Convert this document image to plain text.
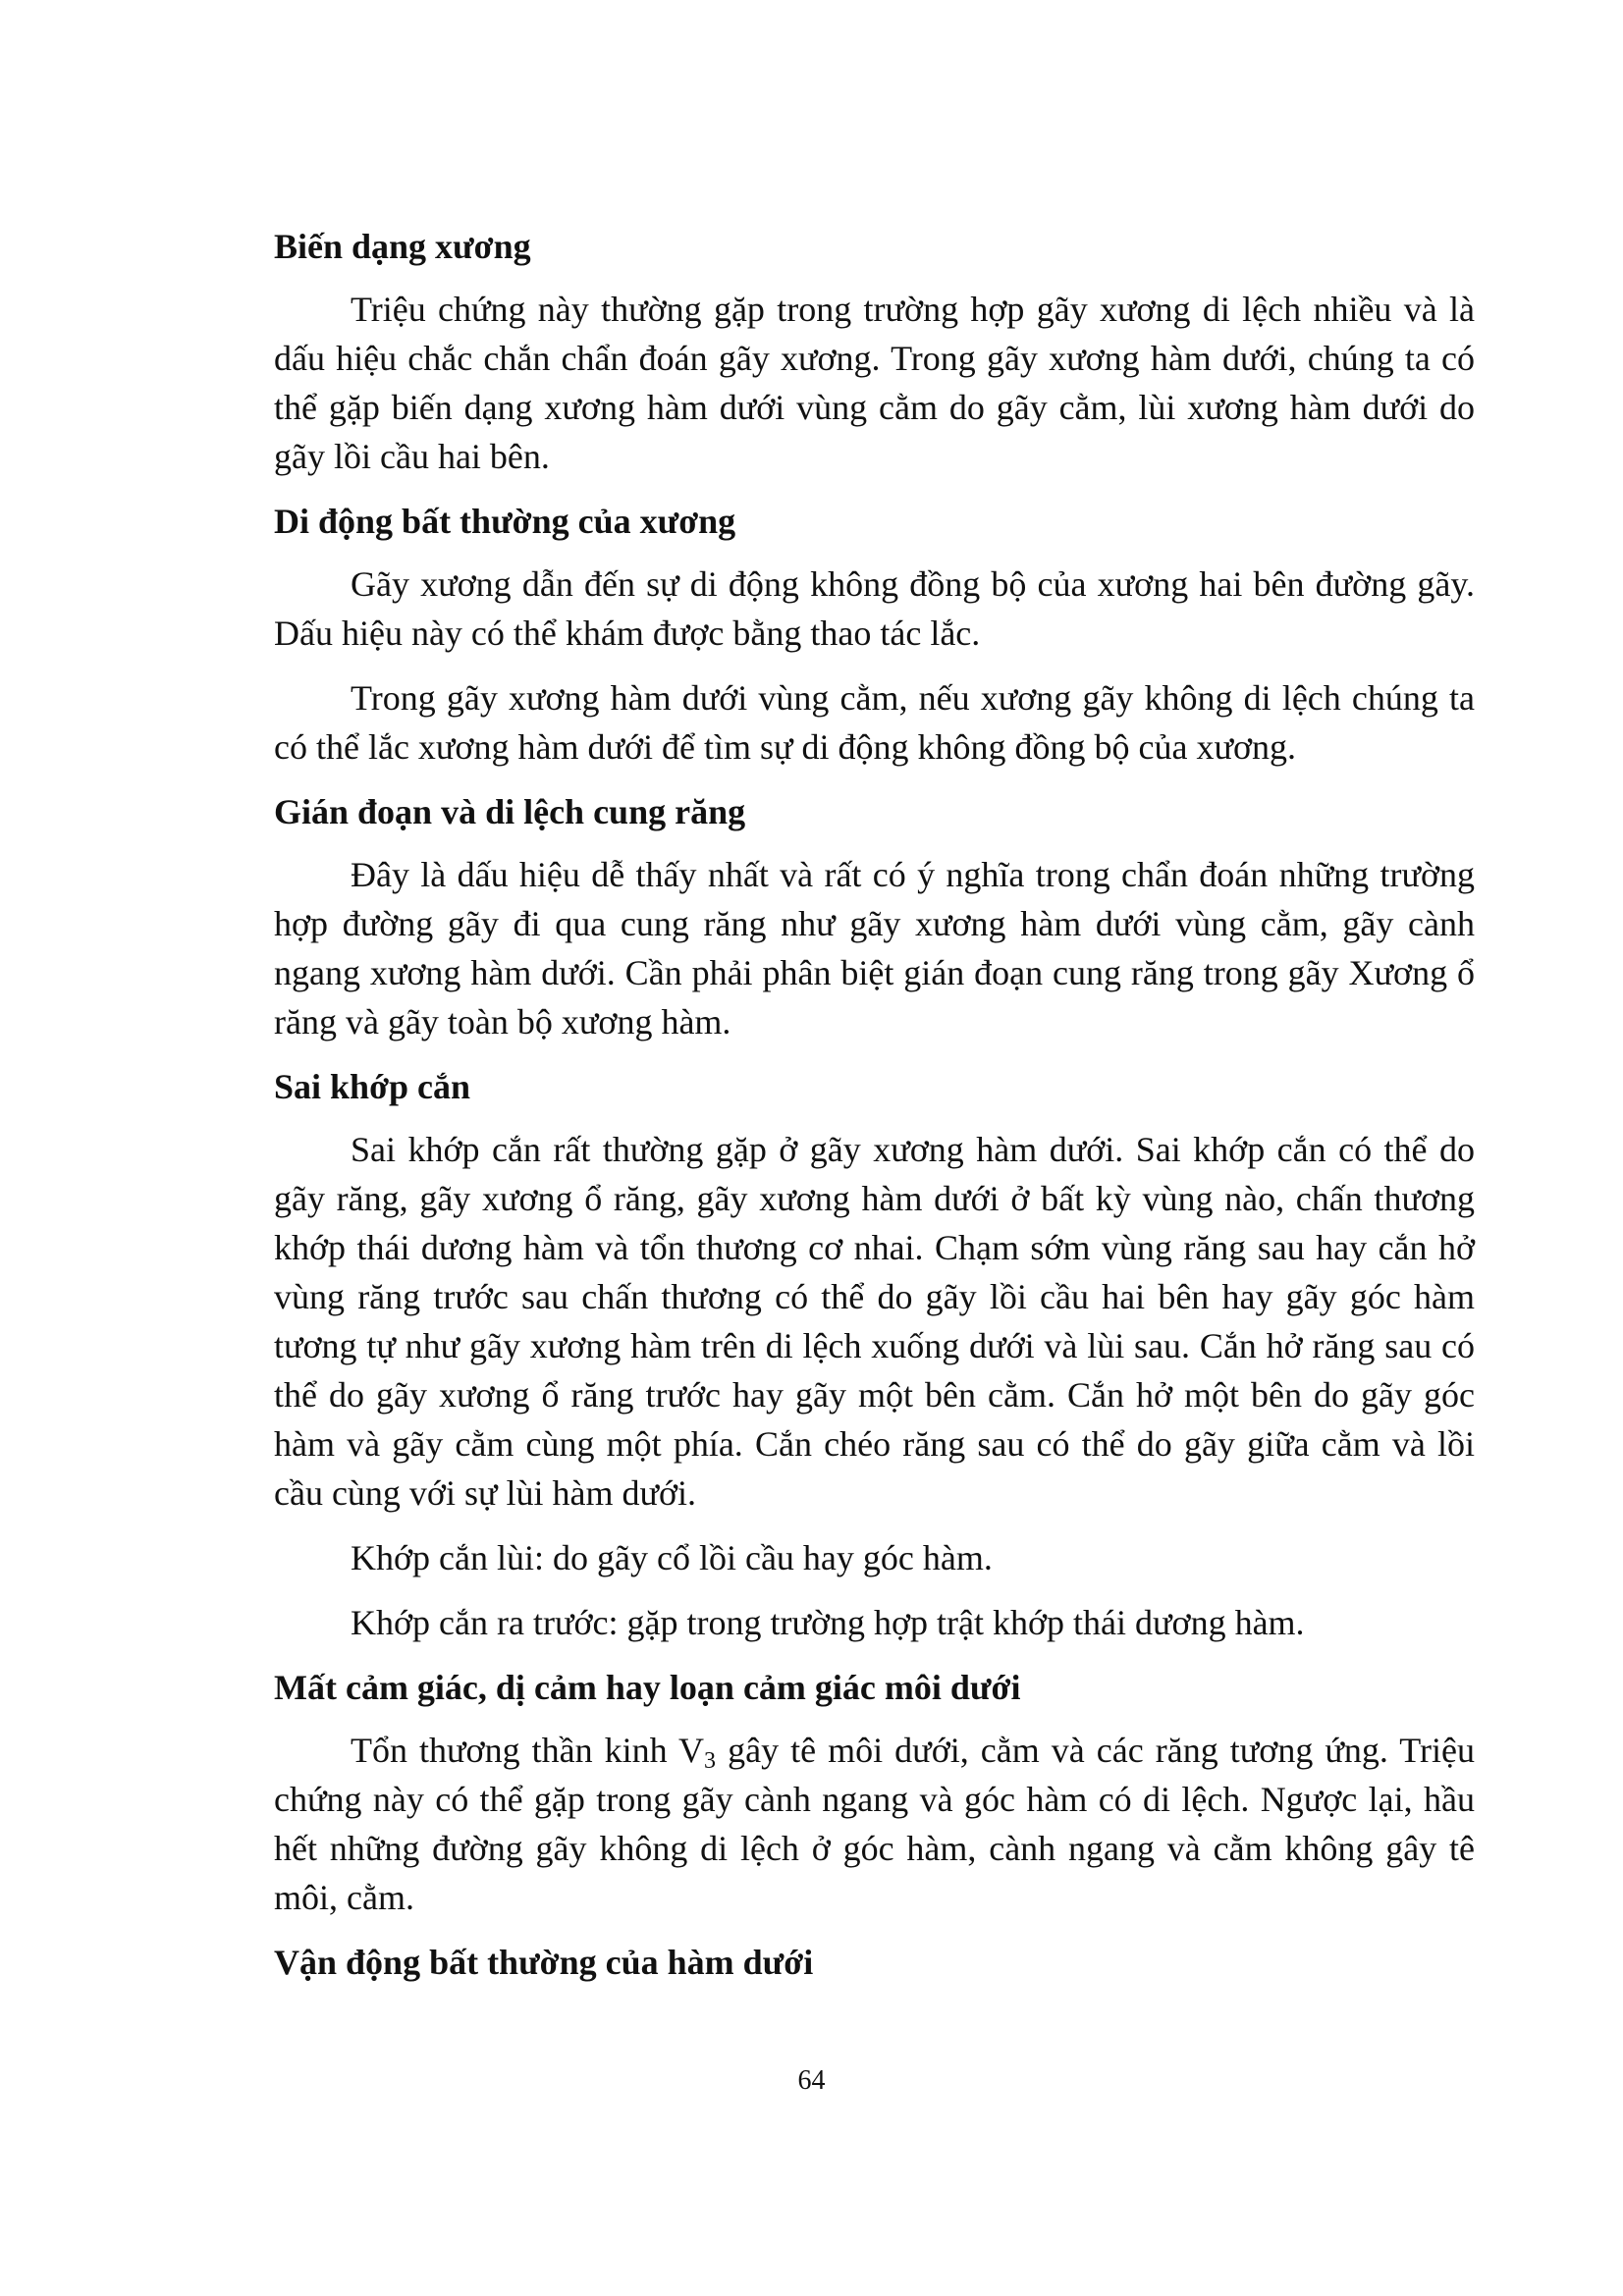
Biến dạng xương

Triệu chứng này thường gặp trong trường hợp gãy xương di lệch nhiều và là dấu hiệu chắc chắn chẩn đoán gãy xương. Trong gãy xương hàm dưới, chúng ta có thể gặp biến dạng xương hàm dưới vùng cằm do gãy cằm, lùi xương hàm dưới do gãy lồi cầu hai bên.

Di động bất thường của xương

Gãy xương dẫn đến sự di động không đồng bộ của xương hai bên đường gãy. Dấu hiệu này có thể khám được bằng thao tác lắc.

Trong gãy xương hàm dưới vùng cằm, nếu xương gãy không di lệch chúng ta có thể lắc xương hàm dưới để tìm sự di động không đồng bộ của xương.

Gián đoạn và di lệch cung răng

Đây là dấu hiệu dễ thấy nhất và rất có ý nghĩa trong chẩn đoán những trường hợp đường gãy đi qua cung răng như gãy xương hàm dưới vùng cằm, gãy cành ngang xương hàm dưới. Cần phải phân biệt gián đoạn cung răng trong gãy Xương ổ răng và gãy toàn bộ xương hàm.

Sai khớp cắn

Sai khớp cắn rất thường gặp ở gãy xương hàm dưới. Sai khớp cắn có thể do gãy răng, gãy xương ổ răng, gãy xương hàm dưới ở bất kỳ vùng nào, chấn thương khớp thái dương hàm và tổn thương cơ nhai. Chạm sớm vùng răng sau hay cắn hở vùng răng trước sau chấn thương có thể do gãy lồi cầu hai bên hay gãy góc hàm tương tự như gãy xương hàm trên di lệch xuống dưới và lùi sau. Cắn hở răng sau có thể do gãy xương ổ răng trước hay gãy một bên cằm. Cắn hở một bên do gãy góc hàm và gãy cằm cùng một phía. Cắn chéo răng sau có thể do gãy giữa cằm và lồi cầu cùng với sự lùi hàm dưới.

Khớp cắn lùi: do gãy cổ lồi cầu hay góc hàm.

Khớp cắn ra trước: gặp trong trường hợp trật khớp thái dương hàm.

Mất cảm giác, dị cảm hay loạn cảm giác môi dưới

Tổn thương thần kinh $V_3$ gây tê môi dưới, cằm và các răng tương ứng. Triệu chứng này có thể gặp trong gãy cành ngang và góc hàm có di lệch. Ngược lại, hầu hết những đường gãy không di lệch ở góc hàm, cành ngang và cằm không gây tê môi, cằm.

Vận động bất thường của hàm dưới
64
